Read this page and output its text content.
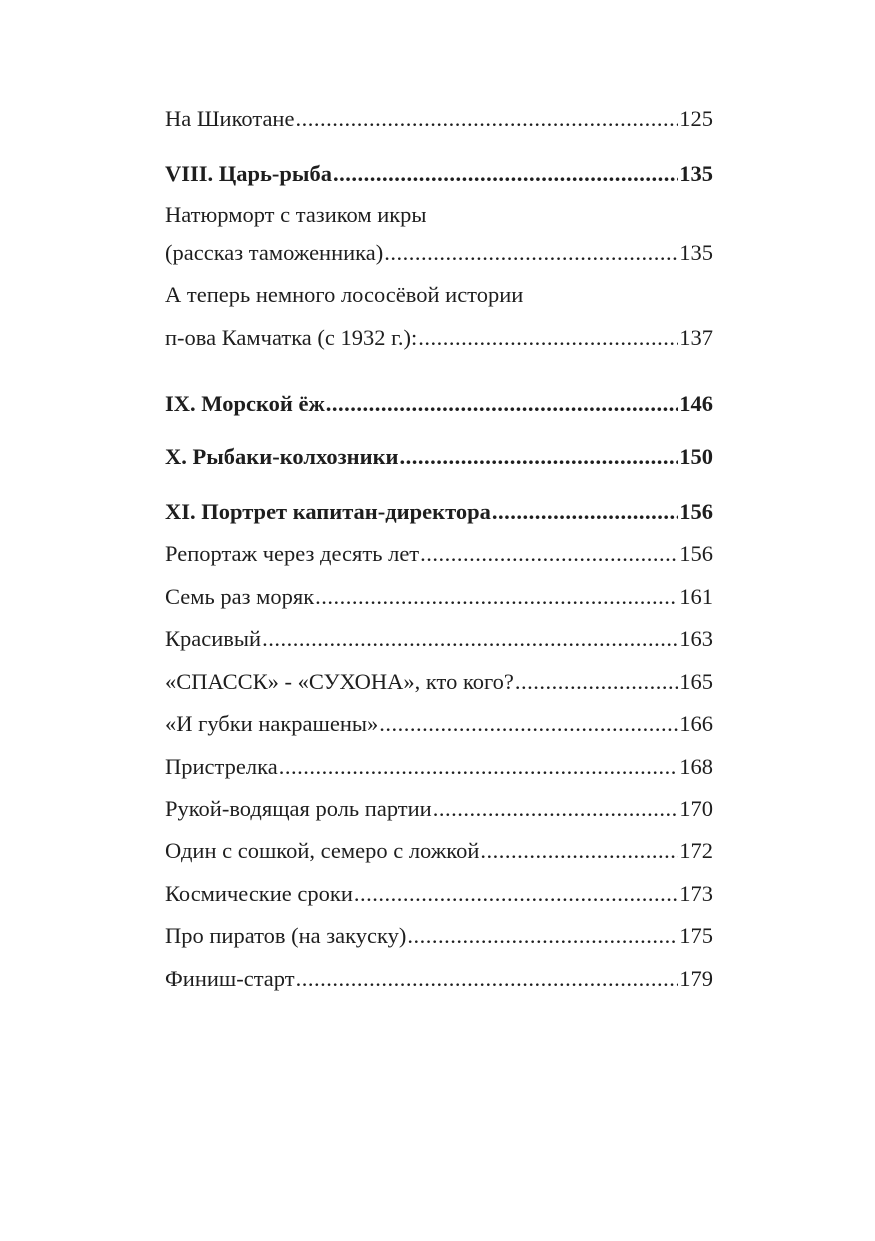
На Шикотане .....	125
VIII. Царь-рыба .....	135
Натюрморт с тазиком икры
(рассказ таможенника) .....	135
А теперь немного лососёвой истории
п-ова Камчатка (с 1932 г.): .....	137
IX. Морской ёж .....	146
X. Рыбаки-колхозники .....	150
XI. Портрет капитан-директора .....	156
Репортаж через десять лет .....	156
Семь раз моряк .....	161
Красивый .....	163
«СПАССК» - «СУХОНА», кто кого? .....	165
«И губки накрашены» .....	166
Пристрелка .....	168
Рукой-водящая роль партии .....	170
Один с сошкой, семеро с ложкой .....	172
Космические сроки .....	173
Про пиратов (на закуску) .....	175
Финиш-старт .....	179
